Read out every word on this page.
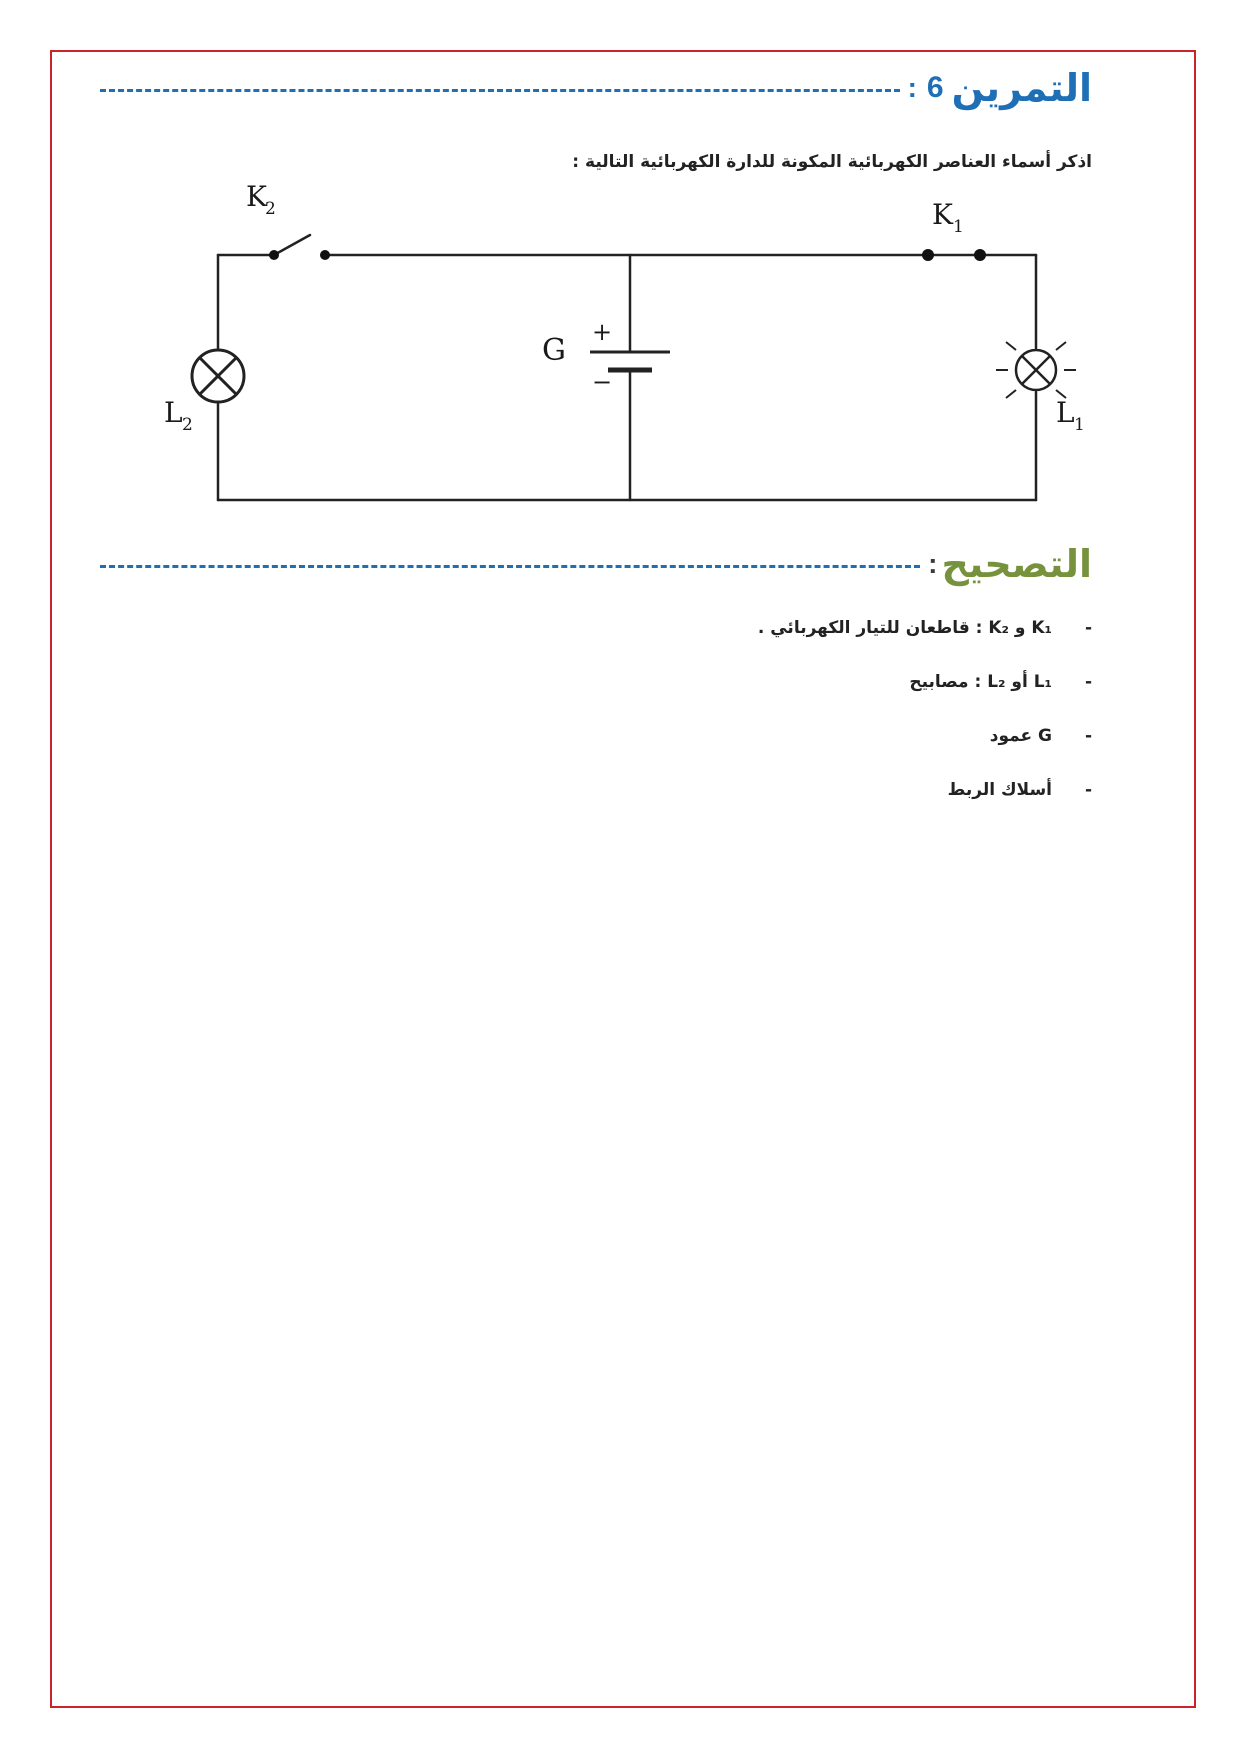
التمرين
6
:
اذكر أسماء العناصر الكهربائية المكونة للدارة الكهربائية التالية :
K
2	K 1
L 2	L 1
G
+
−
التصحيح
:
-
K₁ و K₂ : قاطعان للتيار الكهربائي .
-
L₁ أو L₂ : مصابيح
-
G عمود
-
أسلاك الربط
